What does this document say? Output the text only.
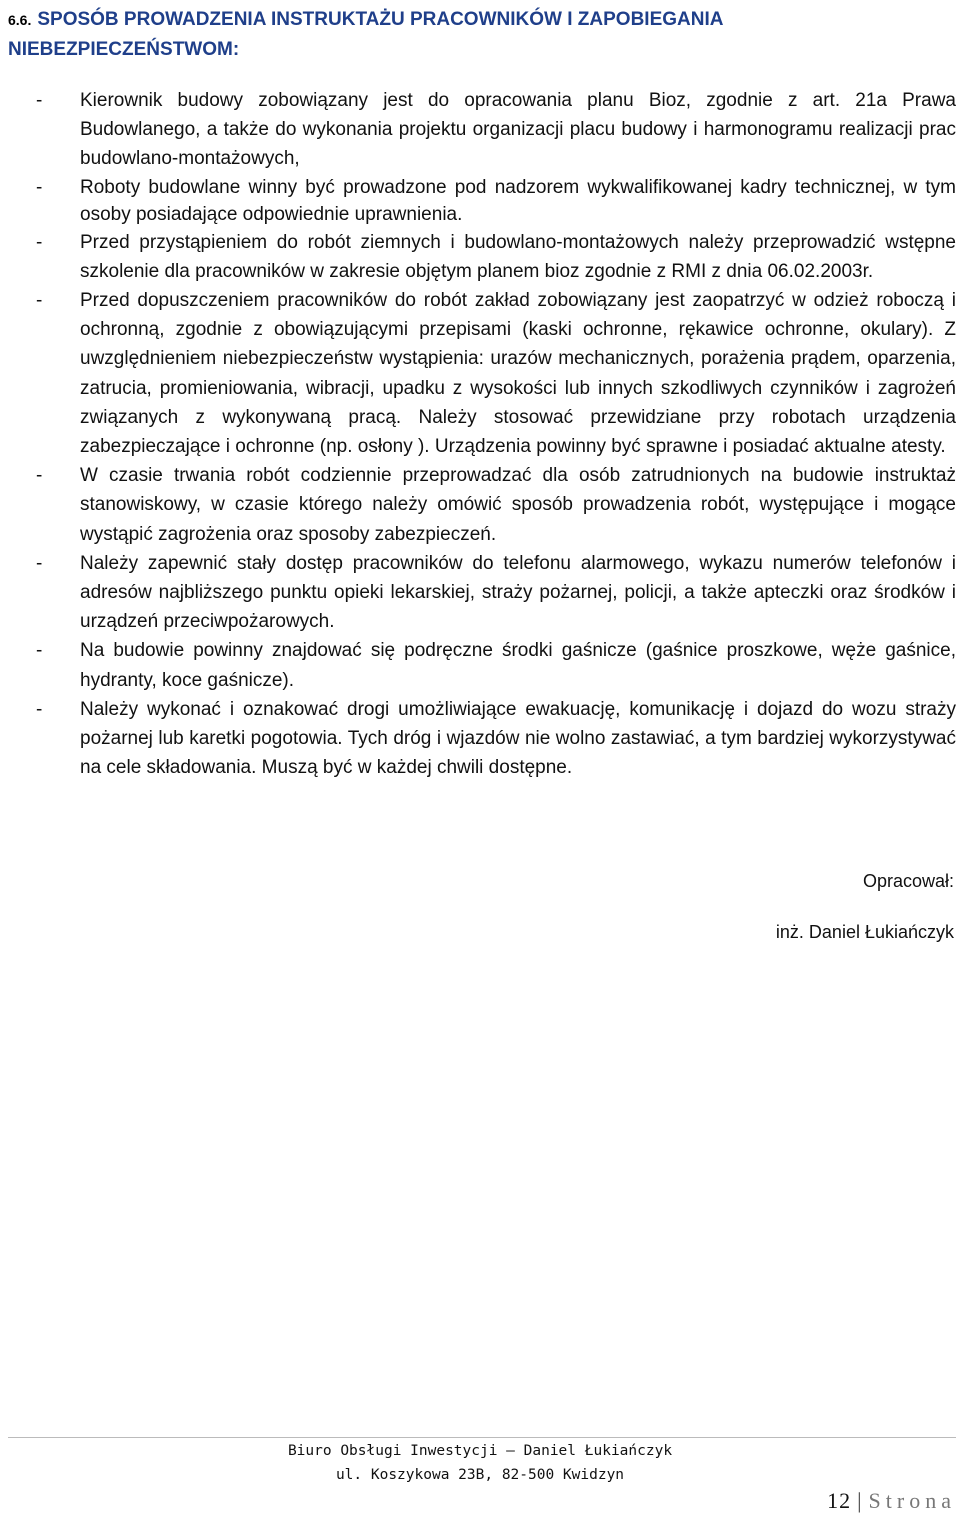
6.6. SPOSÓB PROWADZENIA INSTRUKTAŻU PRACOWNIKÓW I ZAPOBIEGANIA NIEBEZPIECZEŃSTWOM:
- Kierownik budowy zobowiązany jest do opracowania planu Bioz, zgodnie z art. 21a Prawa Budowlanego, a także do wykonania projektu organizacji placu budowy i harmonogramu realizacji prac budowlano-montażowych,
- Roboty budowlane winny być prowadzone pod nadzorem wykwalifikowanej kadry technicznej, w tym osoby posiadające odpowiednie uprawnienia.
- Przed przystąpieniem do robót ziemnych i budowlano-montażowych należy przeprowadzić wstępne szkolenie dla pracowników w zakresie objętym planem bioz zgodnie z RMI z dnia 06.02.2003r.
- Przed dopuszczeniem pracowników do robót zakład zobowiązany jest zaopatrzyć w odzież roboczą i ochronną, zgodnie z obowiązującymi przepisami (kaski ochronne, rękawice ochronne, okulary). Z uwzględnieniem niebezpieczeństw wystąpienia: urazów mechanicznych, porażenia prądem, oparzenia, zatrucia, promieniowania, wibracji, upadku z wysokości lub innych szkodliwych czynników i zagrożeń związanych z wykonywaną pracą. Należy stosować przewidziane przy robotach urządzenia zabezpieczające i ochronne (np. osłony ). Urządzenia powinny być sprawne i posiadać aktualne atesty.
- W czasie trwania robót codziennie przeprowadzać dla osób zatrudnionych na budowie instruktaż stanowiskowy, w czasie którego należy omówić sposób prowadzenia robót, występujące i mogące wystąpić zagrożenia oraz sposoby zabezpieczeń.
- Należy zapewnić stały dostęp pracowników do telefonu alarmowego, wykazu numerów telefonów i adresów najbliższego punktu opieki lekarskiej, straży pożarnej, policji, a także apteczki oraz środków i urządzeń przeciwpożarowych.
- Na budowie powinny znajdować się podręczne środki gaśnicze (gaśnice proszkowe, węże gaśnice, hydranty, koce gaśnicze).
- Należy wykonać i oznakować drogi umożliwiające ewakuację, komunikację i dojazd do wozu straży pożarnej lub karetki pogotowia. Tych dróg i wjazdów nie wolno zastawiać, a tym bardziej wykorzystywać na cele składowania. Muszą być w każdej chwili dostępne.
Opracował:
inż. Daniel Łukiańczyk
Biuro Obsługi Inwestycji – Daniel Łukiańczyk
ul. Koszykowa 23B, 82-500 Kwidzyn
12 | Strona
